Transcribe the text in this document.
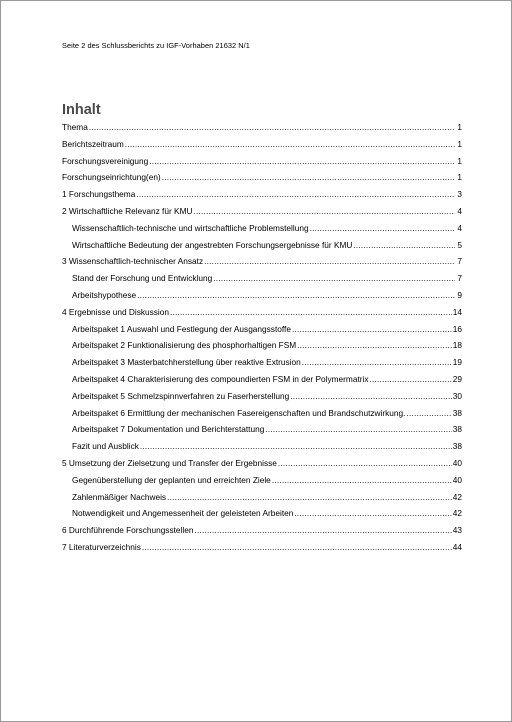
Seite 2 des Schlussberichts zu IGF-Vorhaben 21632 N/1
Inhalt
Thema .....	1
Berichtszeitraum .....	1
Forschungsvereinigung .....	1
Forschungseinrichtung(en) .....	1
1 Forschungsthema .....	3
2 Wirtschaftliche Relevanz für KMU .....	4
Wissenschaftlich-technische und wirtschaftliche Problemstellung .....	4
Wirtschaftliche Bedeutung der angestrebten Forschungsergebnisse für KMU .....	5
3 Wissenschaftlich-technischer Ansatz .....	7
Stand der Forschung und Entwicklung .....	7
Arbeitshypothese .....	9
4 Ergebnisse und Diskussion .....	14
Arbeitspaket 1 Auswahl und Festlegung der Ausgangsstoffe .....	16
Arbeitspaket 2 Funktionalisierung des phosphorhaltigen FSM .....	18
Arbeitspaket 3 Masterbatchherstellung über reaktive Extrusion .....	19
Arbeitspaket 4 Charakterisierung des compoundierten FSM in der Polymermatrix .....	29
Arbeitspaket 5 Schmelzspinnverfahren zu Faserherstellung .....	30
Arbeitspaket 6 Ermittlung der mechanischen Fasereigenschaften und Brandschutzwirkung. .....	38
Arbeitspaket 7 Dokumentation und Berichterstattung .....	38
Fazit und Ausblick .....	38
5 Umsetzung der Zielsetzung und Transfer der Ergebnisse .....	40
Gegenüberstellung der geplanten und erreichten Ziele .....	40
Zahlenmäßiger Nachweis .....	42
Notwendigkeit und Angemessenheit der geleisteten Arbeiten .....	42
6 Durchführende Forschungsstellen .....	43
7 Literaturverzeichnis .....	44
